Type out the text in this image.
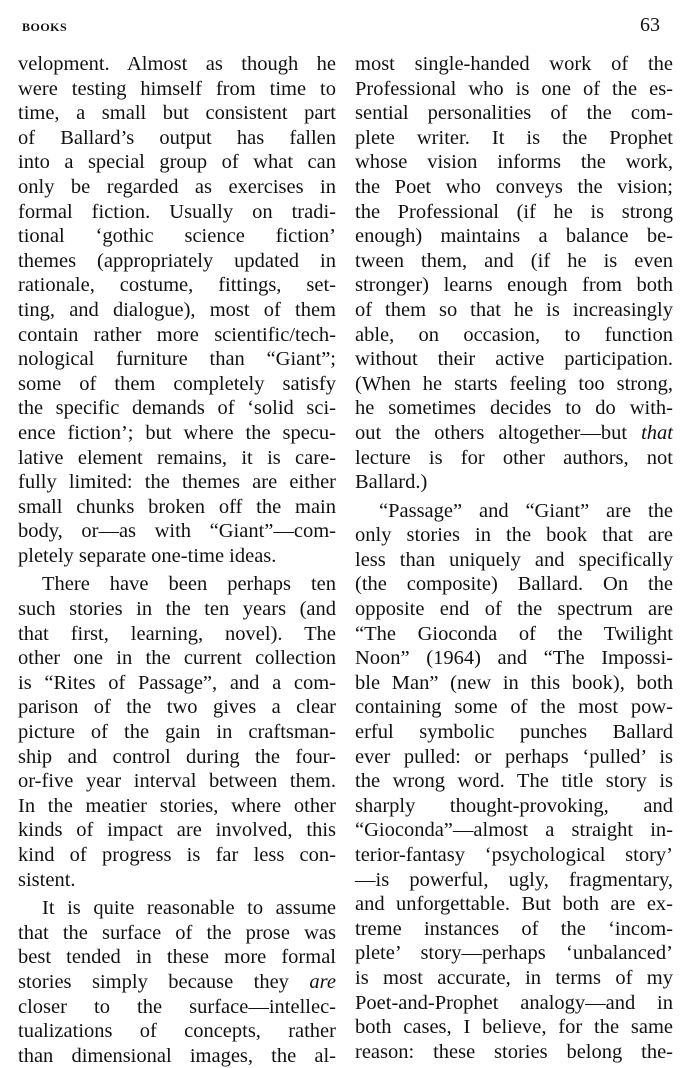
BOOKS	63
velopment. Almost as though he
were testing himself from time to
time, a small but consistent part
of Ballard’s output has fallen
into a special group of what can
only be regarded as exercises in
formal fiction. Usually on tradi-
tional ‘gothic science fiction’
themes (appropriately updated in
rationale, costume, fittings, set-
ting, and dialogue), most of them
contain rather more scientific/tech-
nological furniture than “Giant”;
some of them completely satisfy
the specific demands of ‘solid sci-
ence fiction’; but where the specu-
lative element remains, it is care-
fully limited: the themes are either
small chunks broken off the main
body, or—as with “Giant”—com-
pletely separate one-time ideas.
There have been perhaps ten
such stories in the ten years (and
that first, learning, novel). The
other one in the current collection
is “Rites of Passage”, and a com-
parison of the two gives a clear
picture of the gain in craftsman-
ship and control during the four-
or-five year interval between them.
In the meatier stories, where other
kinds of impact are involved, this
kind of progress is far less con-
sistent.
It is quite reasonable to assume
that the surface of the prose was
best tended in these more formal
stories simply because they are
closer to the surface—intellec-
tualizations of concepts, rather
than dimensional images, the al-
most single-handed work of the
Professional who is one of the es-
sential personalities of the com-
plete writer. It is the Prophet
whose vision informs the work,
the Poet who conveys the vision;
the Professional (if he is strong
enough) maintains a balance be-
tween them, and (if he is even
stronger) learns enough from both
of them so that he is increasingly
able, on occasion, to function
without their active participation.
(When he starts feeling too strong,
he sometimes decides to do with-
out the others altogether—but that
lecture is for other authors, not
Ballard.)
“Passage” and “Giant” are the
only stories in the book that are
less than uniquely and specifically
(the composite) Ballard. On the
opposite end of the spectrum are
“The Gioconda of the Twilight
Noon” (1964) and “The Impossi-
ble Man” (new in this book), both
containing some of the most pow-
erful symbolic punches Ballard
ever pulled: or perhaps ‘pulled’ is
the wrong word. The title story is
sharply thought-provoking, and
“Gioconda”—almost a straight in-
terior-fantasy ‘psychological story’
—is powerful, ugly, fragmentary,
and unforgettable. But both are ex-
treme instances of the ‘incom-
plete’ story—perhaps ‘unbalanced’
is most accurate, in terms of my
Poet-and-Prophet analogy—and in
both cases, I believe, for the same
reason: these stories belong the-
